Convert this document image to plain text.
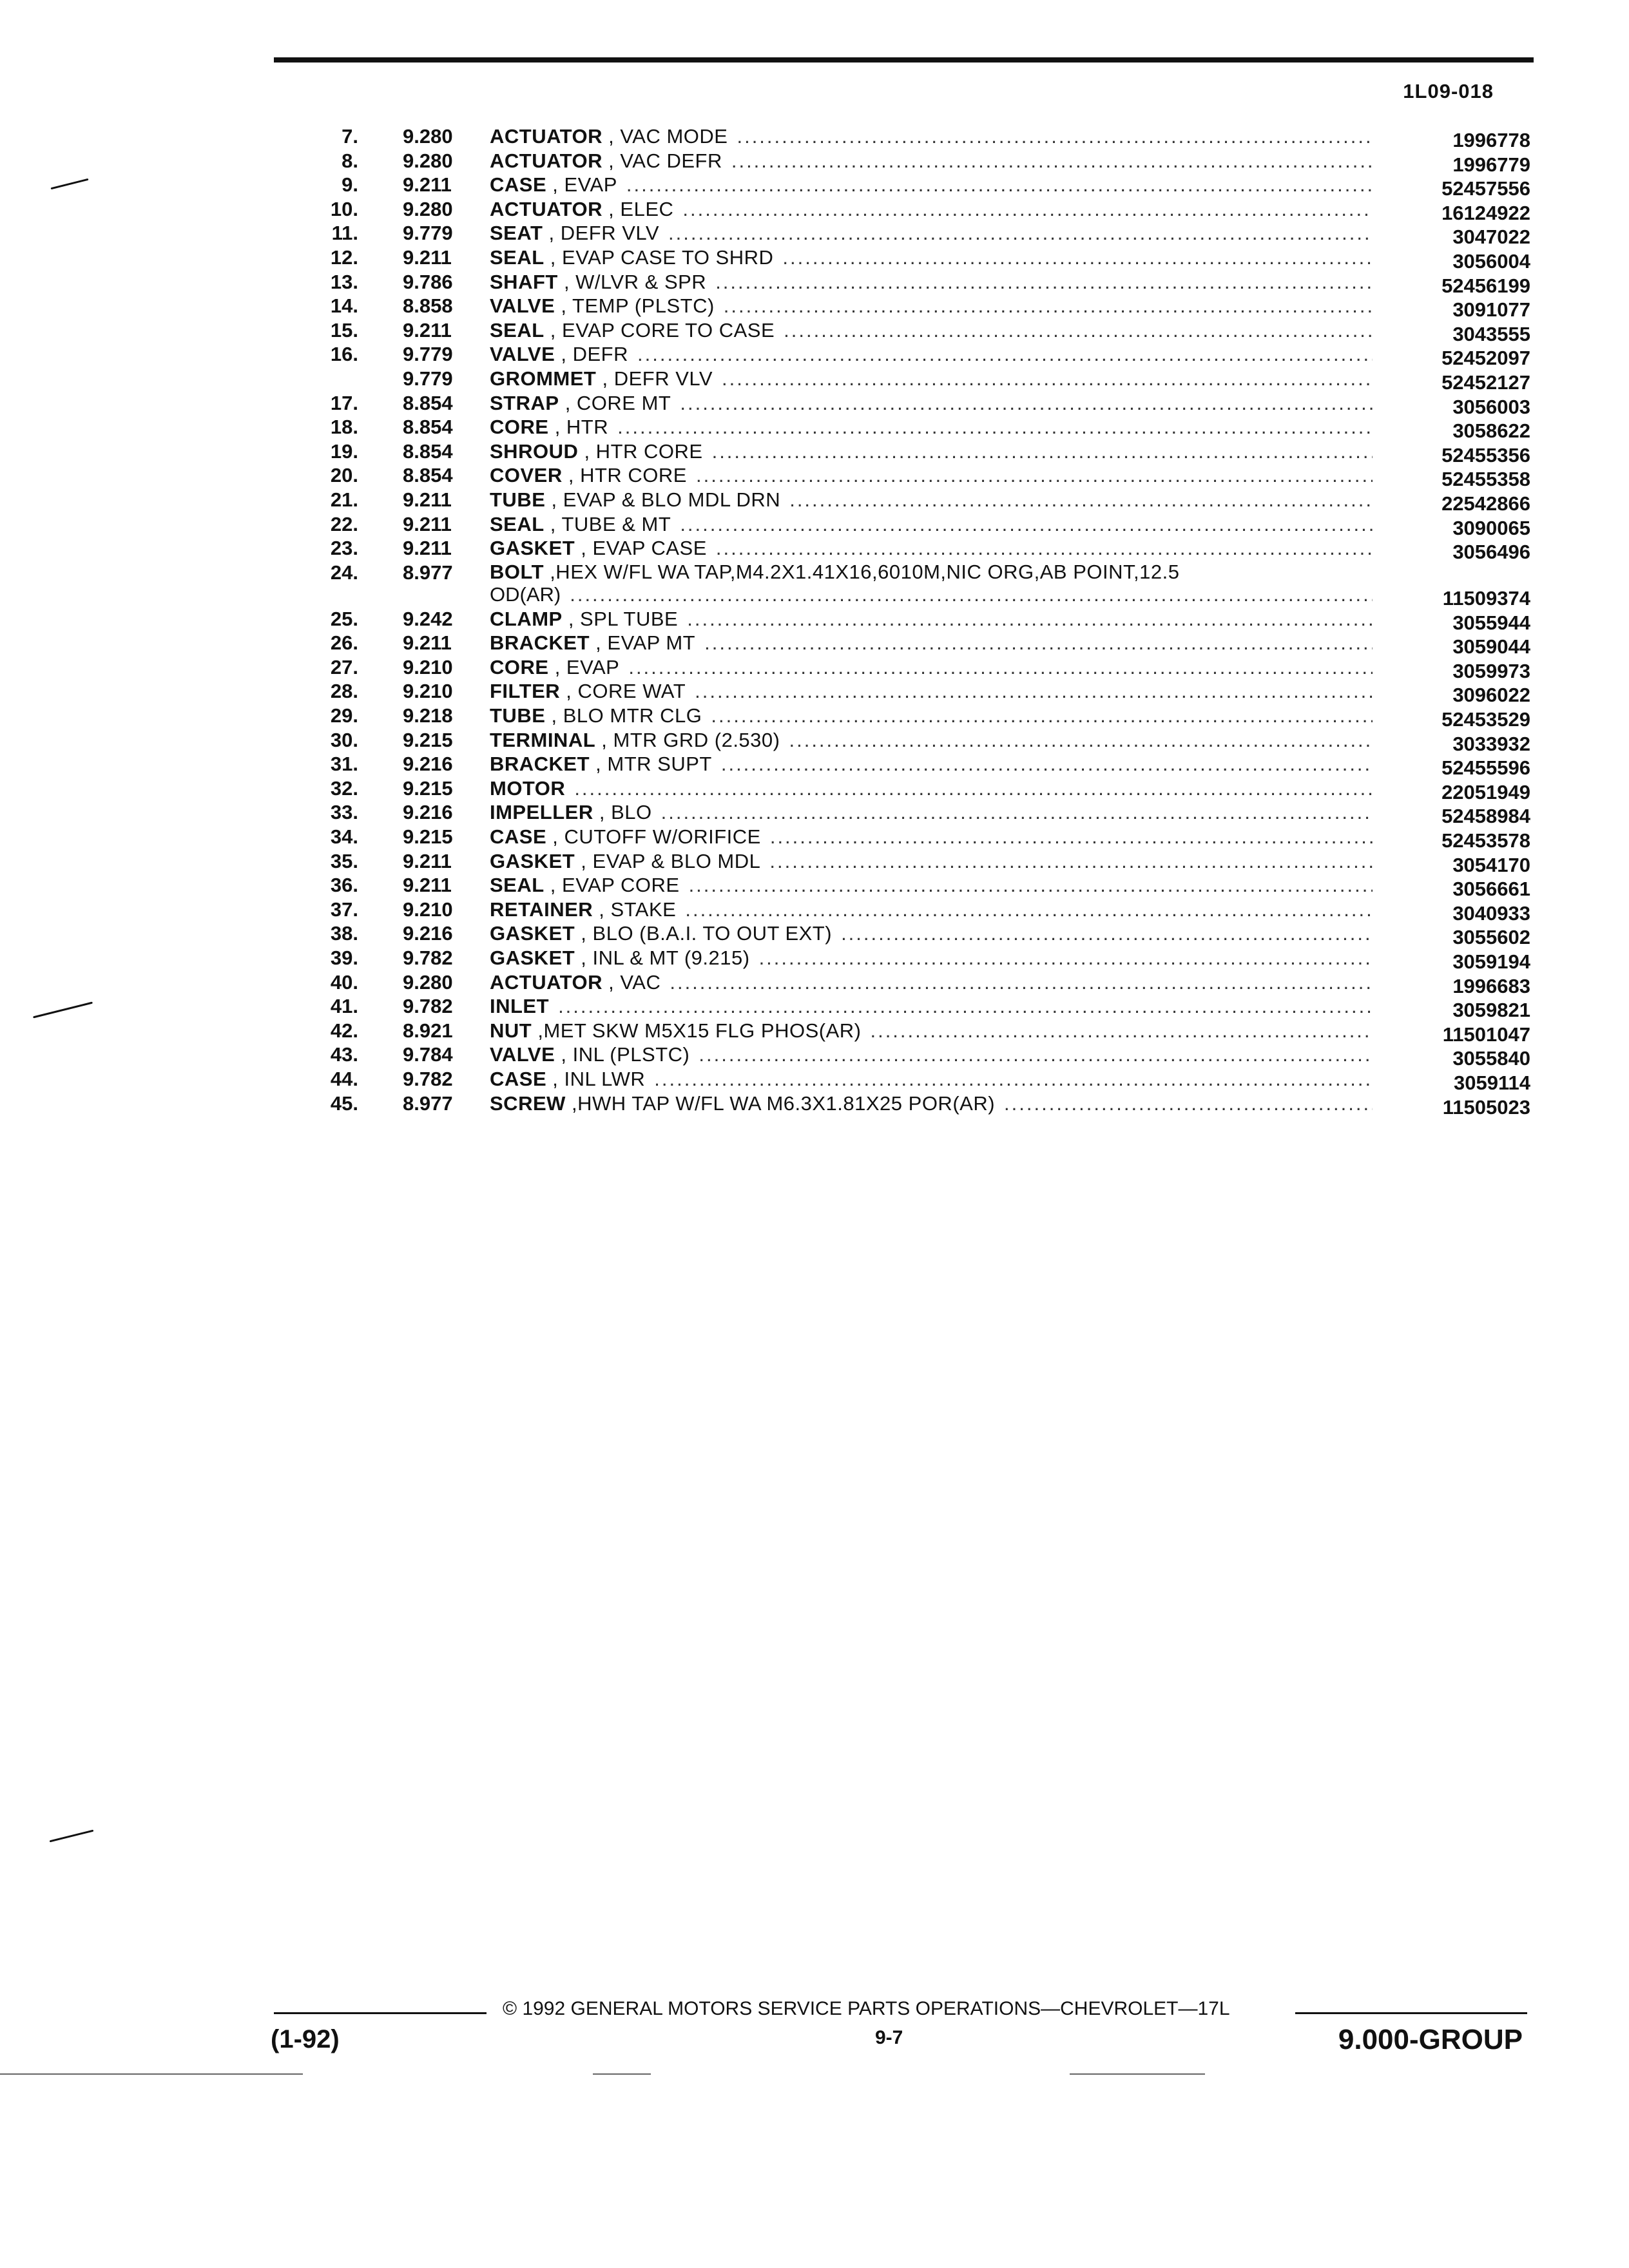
1L09-018
7. 9.280	ACTUATOR , VAC MODE .....	1996778
8. 9.280	ACTUATOR , VAC DEFR .....	1996779
9. 9.211	CASE , EVAP .....	52457556
10. 9.280	ACTUATOR , ELEC .....	16124922
11. 9.779	SEAT , DEFR VLV .....	3047022
12. 9.211	SEAL , EVAP CASE TO SHRD .....	3056004
13. 9.786	SHAFT , W/LVR & SPR .....	52456199
14. 8.858	VALVE , TEMP (PLSTC) .....	3091077
15. 9.211	SEAL , EVAP CORE TO CASE .....	3043555
16. 9.779	VALVE , DEFR .....	52452097
9.779	GROMMET , DEFR VLV .....	52452127
17. 8.854	STRAP , CORE MT .....	3056003
18. 8.854	CORE , HTR .....	3058622
19. 8.854	SHROUD , HTR CORE .....	52455356
20. 8.854	COVER , HTR CORE .....	52455358
21. 9.211	TUBE , EVAP & BLO MDL DRN .....	22542866
22. 9.211	SEAL , TUBE & MT .....	3090065
23. 9.211	GASKET , EVAP CASE .....	3056496
24. 8.977	BOLT ,HEX W/FL WA TAP,M4.2X1.41X16,6010M,NIC ORG,AB POINT,12.5
OD(AR) .....	11509374
25. 9.242	CLAMP , SPL TUBE .....	3055944
26. 9.211	BRACKET , EVAP MT .....	3059044
27. 9.210	CORE , EVAP .....	3059973
28. 9.210	FILTER , CORE WAT .....	3096022
29. 9.218	TUBE , BLO MTR CLG .....	52453529
30. 9.215	TERMINAL , MTR GRD (2.530) .....	3033932
31. 9.216	BRACKET , MTR SUPT .....	52455596
32. 9.215	MOTOR .....	22051949
33. 9.216	IMPELLER , BLO .....	52458984
34. 9.215	CASE , CUTOFF W/ORIFICE .....	52453578
35. 9.211	GASKET , EVAP & BLO MDL .....	3054170
36. 9.211	SEAL , EVAP CORE .....	3056661
37. 9.210	RETAINER , STAKE .....	3040933
38. 9.216	GASKET , BLO (B.A.I. TO OUT EXT) .....	3055602
39. 9.782	GASKET , INL & MT (9.215) .....	3059194
40. 9.280	ACTUATOR , VAC .....	1996683
41. 9.782	INLET .....	3059821
42. 8.921	NUT ,MET SKW M5X15 FLG PHOS(AR) .....	11501047
43. 9.784	VALVE , INL (PLSTC) .....	3055840
44. 9.782	CASE , INL LWR .....	3059114
45. 8.977	SCREW ,HWH TAP W/FL WA M6.3X1.81X25 POR(AR) .....	11505023
© 1992 GENERAL MOTORS SERVICE PARTS OPERATIONS—CHEVROLET—17L
(1-92)	9-7	9.000-GROUP
